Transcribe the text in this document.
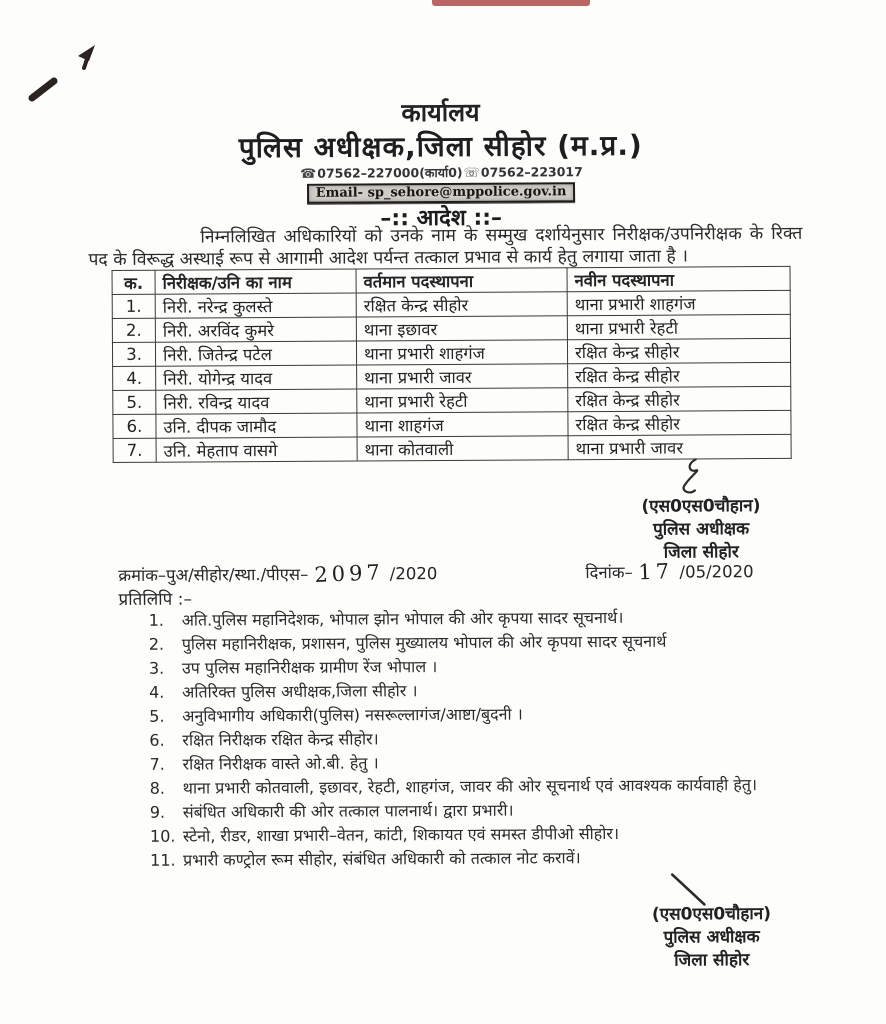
कार्यालय
पुलिस अधीक्षक,जिला सीहोर (म.प्र.)
☎07562–227000(कार्या0)☏07562–223017
Email- sp_sehore@mppolice.gov.in
–:: आदेश ::–
निम्नलिखित अधिकारियों को उनके नाम के सम्मुख दर्शायेनुसार निरीक्षक/उपनिरीक्षक के रिक्त पद के विरूद्ध अस्थाई रूप से आगामी आदेश पर्यन्त तत्काल प्रभाव से कार्य हेतु लगाया जाता है ।
क.	निरीक्षक/उनि का नाम	वर्तमान पदस्थापना	नवीन पदस्थापना
1.	निरी. नरेन्द्र कुलस्ते	रक्षित केन्द्र सीहोर	थाना प्रभारी शाहगंज
2.	निरी. अरविंद कुमरे	थाना इछावर	थाना प्रभारी रेहटी
3.	निरी. जितेन्द्र पटेल	थाना प्रभारी शाहगंज	रक्षित केन्द्र सीहोर
4.	निरी. योगेन्द्र यादव	थाना प्रभारी जावर	रक्षित केन्द्र सीहोर
5.	निरी. रविन्द्र यादव	थाना प्रभारी रेहटी	रक्षित केन्द्र सीहोर
6.	उनि. दीपक जामौद	थाना शाहगंज	रक्षित केन्द्र सीहोर
7.	उनि. मेहताप वासगे	थाना कोतवाली	थाना प्रभारी जावर
(एस0एस0चौहान)
पुलिस अधीक्षक
जिला सीहोर
क्रमांक–पुअ/सीहोर/स्था./पीएस– 2097 /2020	दिनांक– 17 /05/2020
प्रतिलिपि :–
1.	अति.पुलिस महानिदेशक, भोपाल झोन भोपाल की ओर कृपया सादर सूचनार्थ।
2.	पुलिस महानिरीक्षक, प्रशासन, पुलिस मुख्यालय भोपाल की ओर कृपया सादर सूचनार्थ
3.	उप पुलिस महानिरीक्षक ग्रामीण रेंज भोपाल ।
4.	अतिरिक्त पुलिस अधीक्षक,जिला सीहोर ।
5.	अनुविभागीय अधिकारी(पुलिस) नसरूल्लागंज/आष्टा/बुदनी ।
6.	रक्षित निरीक्षक रक्षित केन्द्र सीहोर।
7.	रक्षित निरीक्षक वास्ते ओ.बी. हेतु ।
8.	थाना प्रभारी कोतवाली, इछावर, रेहटी, शाहगंज, जावर की ओर सूचनार्थ एवं आवश्यक कार्यवाही हेतु।
9.	संबंधित अधिकारी की ओर तत्काल पालनार्थ। द्वारा प्रभारी।
10. स्टेनो, रीडर, शाखा प्रभारी–वेतन, कांटी, शिकायत एवं समस्त डीपीओ सीहोर।
11. प्रभारी कण्ट्रोल रूम सीहोर, संबंधित अधिकारी को तत्काल नोट करावें।
(एस0एस0चौहान)
पुलिस अधीक्षक
जिला सीहोर
